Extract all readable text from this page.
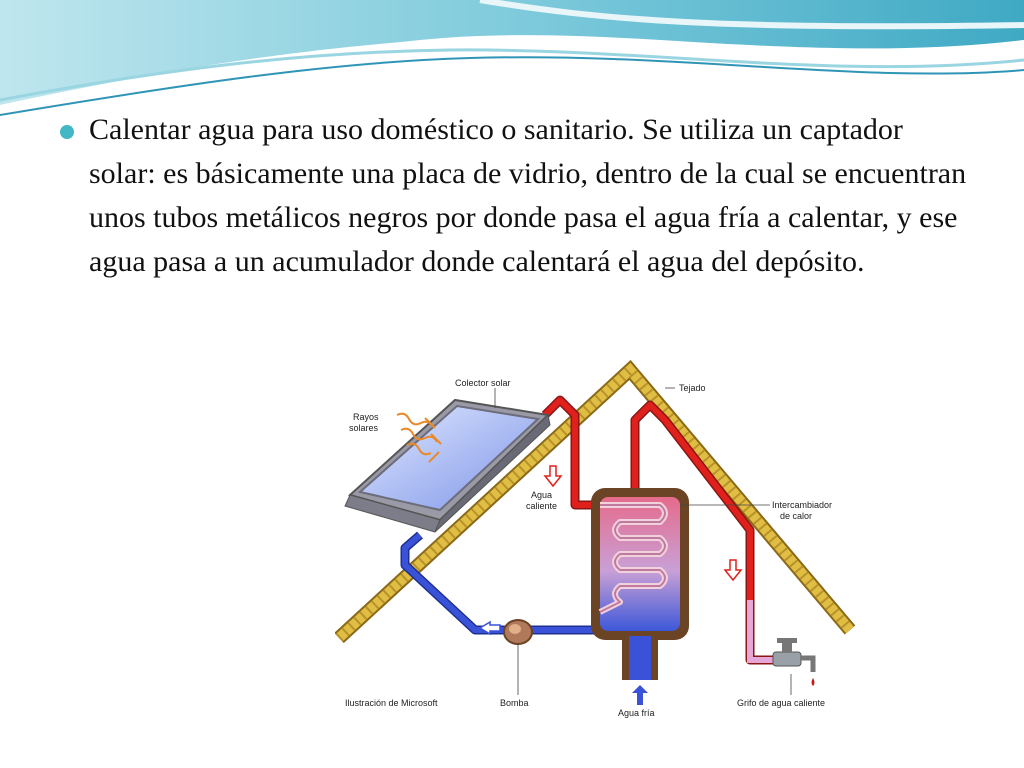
Calentar agua para uso doméstico o sanitario. Se utiliza un captador solar: es básicamente una placa de vidrio, dentro de la cual se encuentran unos tubos metálicos negros por donde pasa el agua fría a calentar, y ese agua pasa a un acumulador donde calentará el agua del depósito.
Colector solar
Rayos
solares
Tejado
Agua
caliente	Intercambiador
de calor
Ilustración de Microsoft	Bomba
Agua fría
Grifo de agua caliente
